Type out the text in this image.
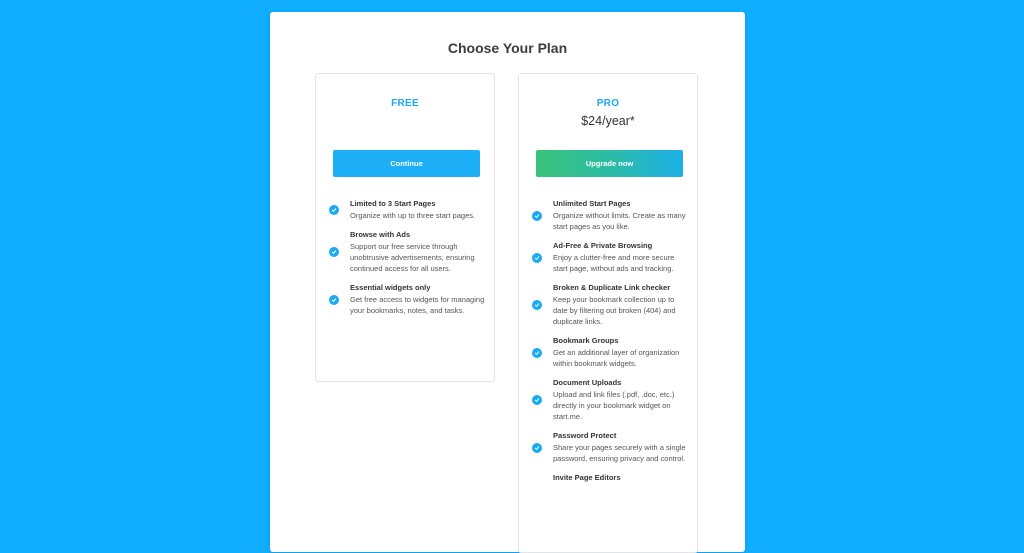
Choose Your Plan
FREE
Continue
Limited to 3 Start Pages
Organize with up to three start pages.
Browse with Ads
Support our free service through unobtrusive advertisements, ensuring continued access for all users.
Essential widgets only
Get free access to widgets for managing your bookmarks, notes, and tasks.
PRO
$24/year*
Upgrade now
Unlimited Start Pages
Organize without limits. Create as many start pages as you like.
Ad-Free & Private Browsing
Enjoy a clutter-free and more secure start page, without ads and tracking.
Broken & Duplicate Link checker
Keep your bookmark collection up to date by filtering out broken (404) and duplicate links.
Bookmark Groups
Get an additional layer of organization within bookmark widgets.
Document Uploads
Upload and link files (.pdf, .doc, etc.) directly in your bookmark widget on start.me.
Password Protect
Share your pages securely with a single password, ensuring privacy and control.
Invite Page Editors
